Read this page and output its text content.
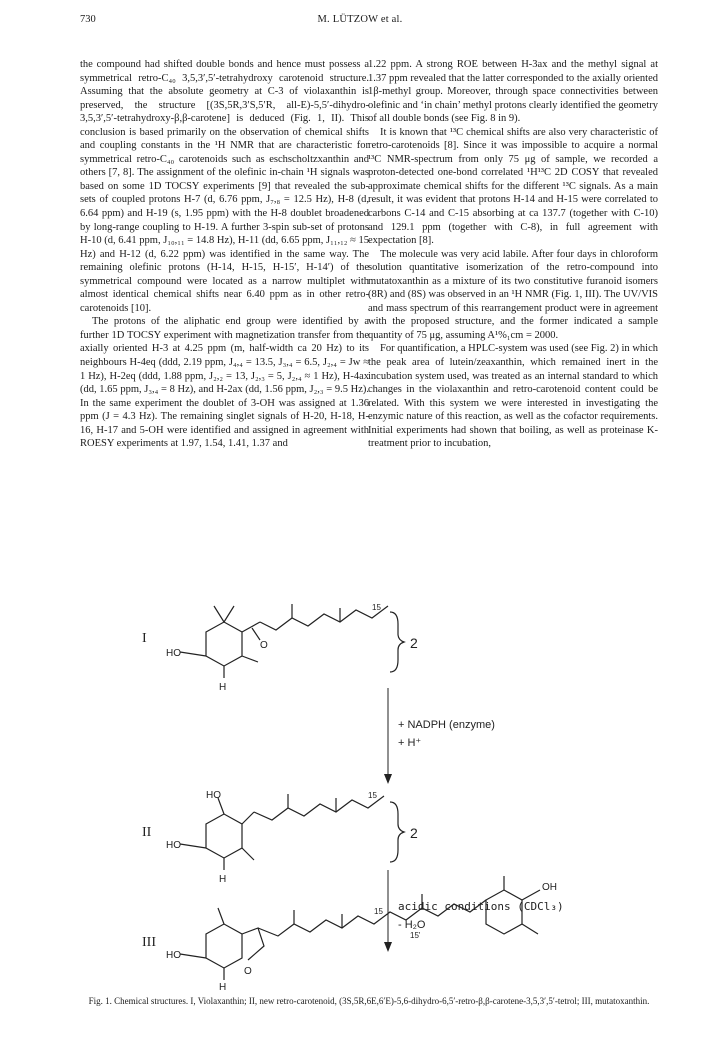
730	M. LÜTZOW et al.

the compound had shifted double bonds and hence must possess a symmetrical retro-C₄₀ 3,5,3′,5′-tetrahydroxy carotenoid structure. Assuming that the absolute geometry at C-3 of violaxanthin is preserved, the structure [(3S,5R,3′S,5′R, all-E)-5,5′-dihydro-3,5,3′,5′-tetrahydroxy-β,β-carotene] is deduced (Fig. 1, II). This conclusion is based primarily on the observation of chemical shifts and coupling constants in the ¹H NMR that are characteristic for symmetrical retro-C₄₀ carotenoids such as eschscholtzxanthin and others [7, 8]. The assignment of the olefinic in-chain ¹H signals was based on some 1D TOCSY experiments [9] that revealed the sub-sets of coupled protons H-7 (d, 6.76 ppm, J₇,₈ = 12.5 Hz), H-8 (d, 6.64 ppm) and H-19 (s, 1.95 ppm) with the H-8 doublet broadened by long-range coupling to H-19. A further 3-spin sub-set of protons H-10 (d, 6.41 ppm, J₁₀,₁₁ = 14.8 Hz), H-11 (dd, 6.65 ppm, J₁₁,₁₂ ≈ 15 Hz) and H-12 (d, 6.22 ppm) was identified in the same way. The remaining olefinic protons (H-14, H-15, H-15′, H-14′) of the symmetrical compound were located as a narrow multiplet with almost identical chemical shifts near 6.40 ppm as in other retro-carotenoids [10].

The protons of the aliphatic end group were identified by a further 1D TOCSY experiment with magnetization transfer from the axially oriented H-3 at 4.25 ppm (m, half-width ca 20 Hz) to its neighbours H-4eq (ddd, 2.19 ppm, J₄,₄ = 13.5, J₃,₄ = 6.5, J₂,₄ = Jw ≈ 1 Hz), H-2eq (ddd, 1.88 ppm, J₂,₂ = 13, J₂,₃ = 5, J₂,₄ ≈ 1 Hz), H-4ax (dd, 1.65 ppm, J₃,₄ = 8 Hz), and H-2ax (dd, 1.56 ppm, J₂,₃ = 9.5 Hz). In the same experiment the doublet of 3-OH was assigned at 1.36 ppm (J = 4.3 Hz). The remaining singlet signals of H-20, H-18, H-16, H-17 and 5-OH were identified and assigned in agreement with ROESY experiments at 1.97, 1.54, 1.41, 1.37 and

1.22 ppm. A strong ROE between H-3ax and the methyl signal at 1.37 ppm revealed that the latter corresponded to the axially oriented 1β-methyl group. Moreover, through space connectivities between olefinic and ‘in chain’ methyl protons clearly identified the geometry of all double bonds (see Fig. 8 in 9).

It is known that ¹³C chemical shifts are also very characteristic of retro-carotenoids [8]. Since it was impossible to acquire a normal ¹³C NMR-spectrum from only 75 μg of sample, we recorded a proton-detected one-bond correlated ¹H¹³C 2D COSY that revealed approximate chemical shifts for the different ¹³C signals. As a main result, it was evident that protons H-14 and H-15 were correlated to carbons C-14 and C-15 absorbing at ca 137.7 (together with C-10) and 129.1 ppm (together with C-8), in full agreement with expectation [8].

The molecule was very acid labile. After four days in chloroform solution quantitative isomerization of the retro-compound into mutatoxanthin as a mixture of its two constitutive furanoid isomers (8R) and (8S) was observed in an ¹H NMR (Fig. 1, III). The UV/VIS and mass spectrum of this rearrangement product were in agreement with the proposed structure, and the former indicated a sample quantity of 75 μg, assuming A¹%₁cm = 2000.

For quantification, a HPLC-system was used (see Fig. 2) in which the peak area of lutein/zeaxanthin, which remained inert in the incubation system used, was treated as an internal standard to which changes in the violaxanthin and retro-carotenoid content could be related. With this system we were interested in investigating the enzymic nature of this reaction, as well as the cofactor requirements. Initial experiments had shown that boiling, as well as proteinase K-treatment prior to incubation,

I
HO
H
O
15
2
+ NADPH (enzyme)
+ H⁺
II
HO
HO
H
15
2
acidic conditions (CDCl₃)
- H₂O
III
HO
H
O
15
15'
OH
Fig. 1. Chemical structures. I, Violaxanthin; II, new retro-carotenoid, (3S,5R,6E,6′E)-5,6-dihydro-6,5′-retro-β,β-carotene-3,5,3′,5′-tetrol; III, mutatoxanthin.
